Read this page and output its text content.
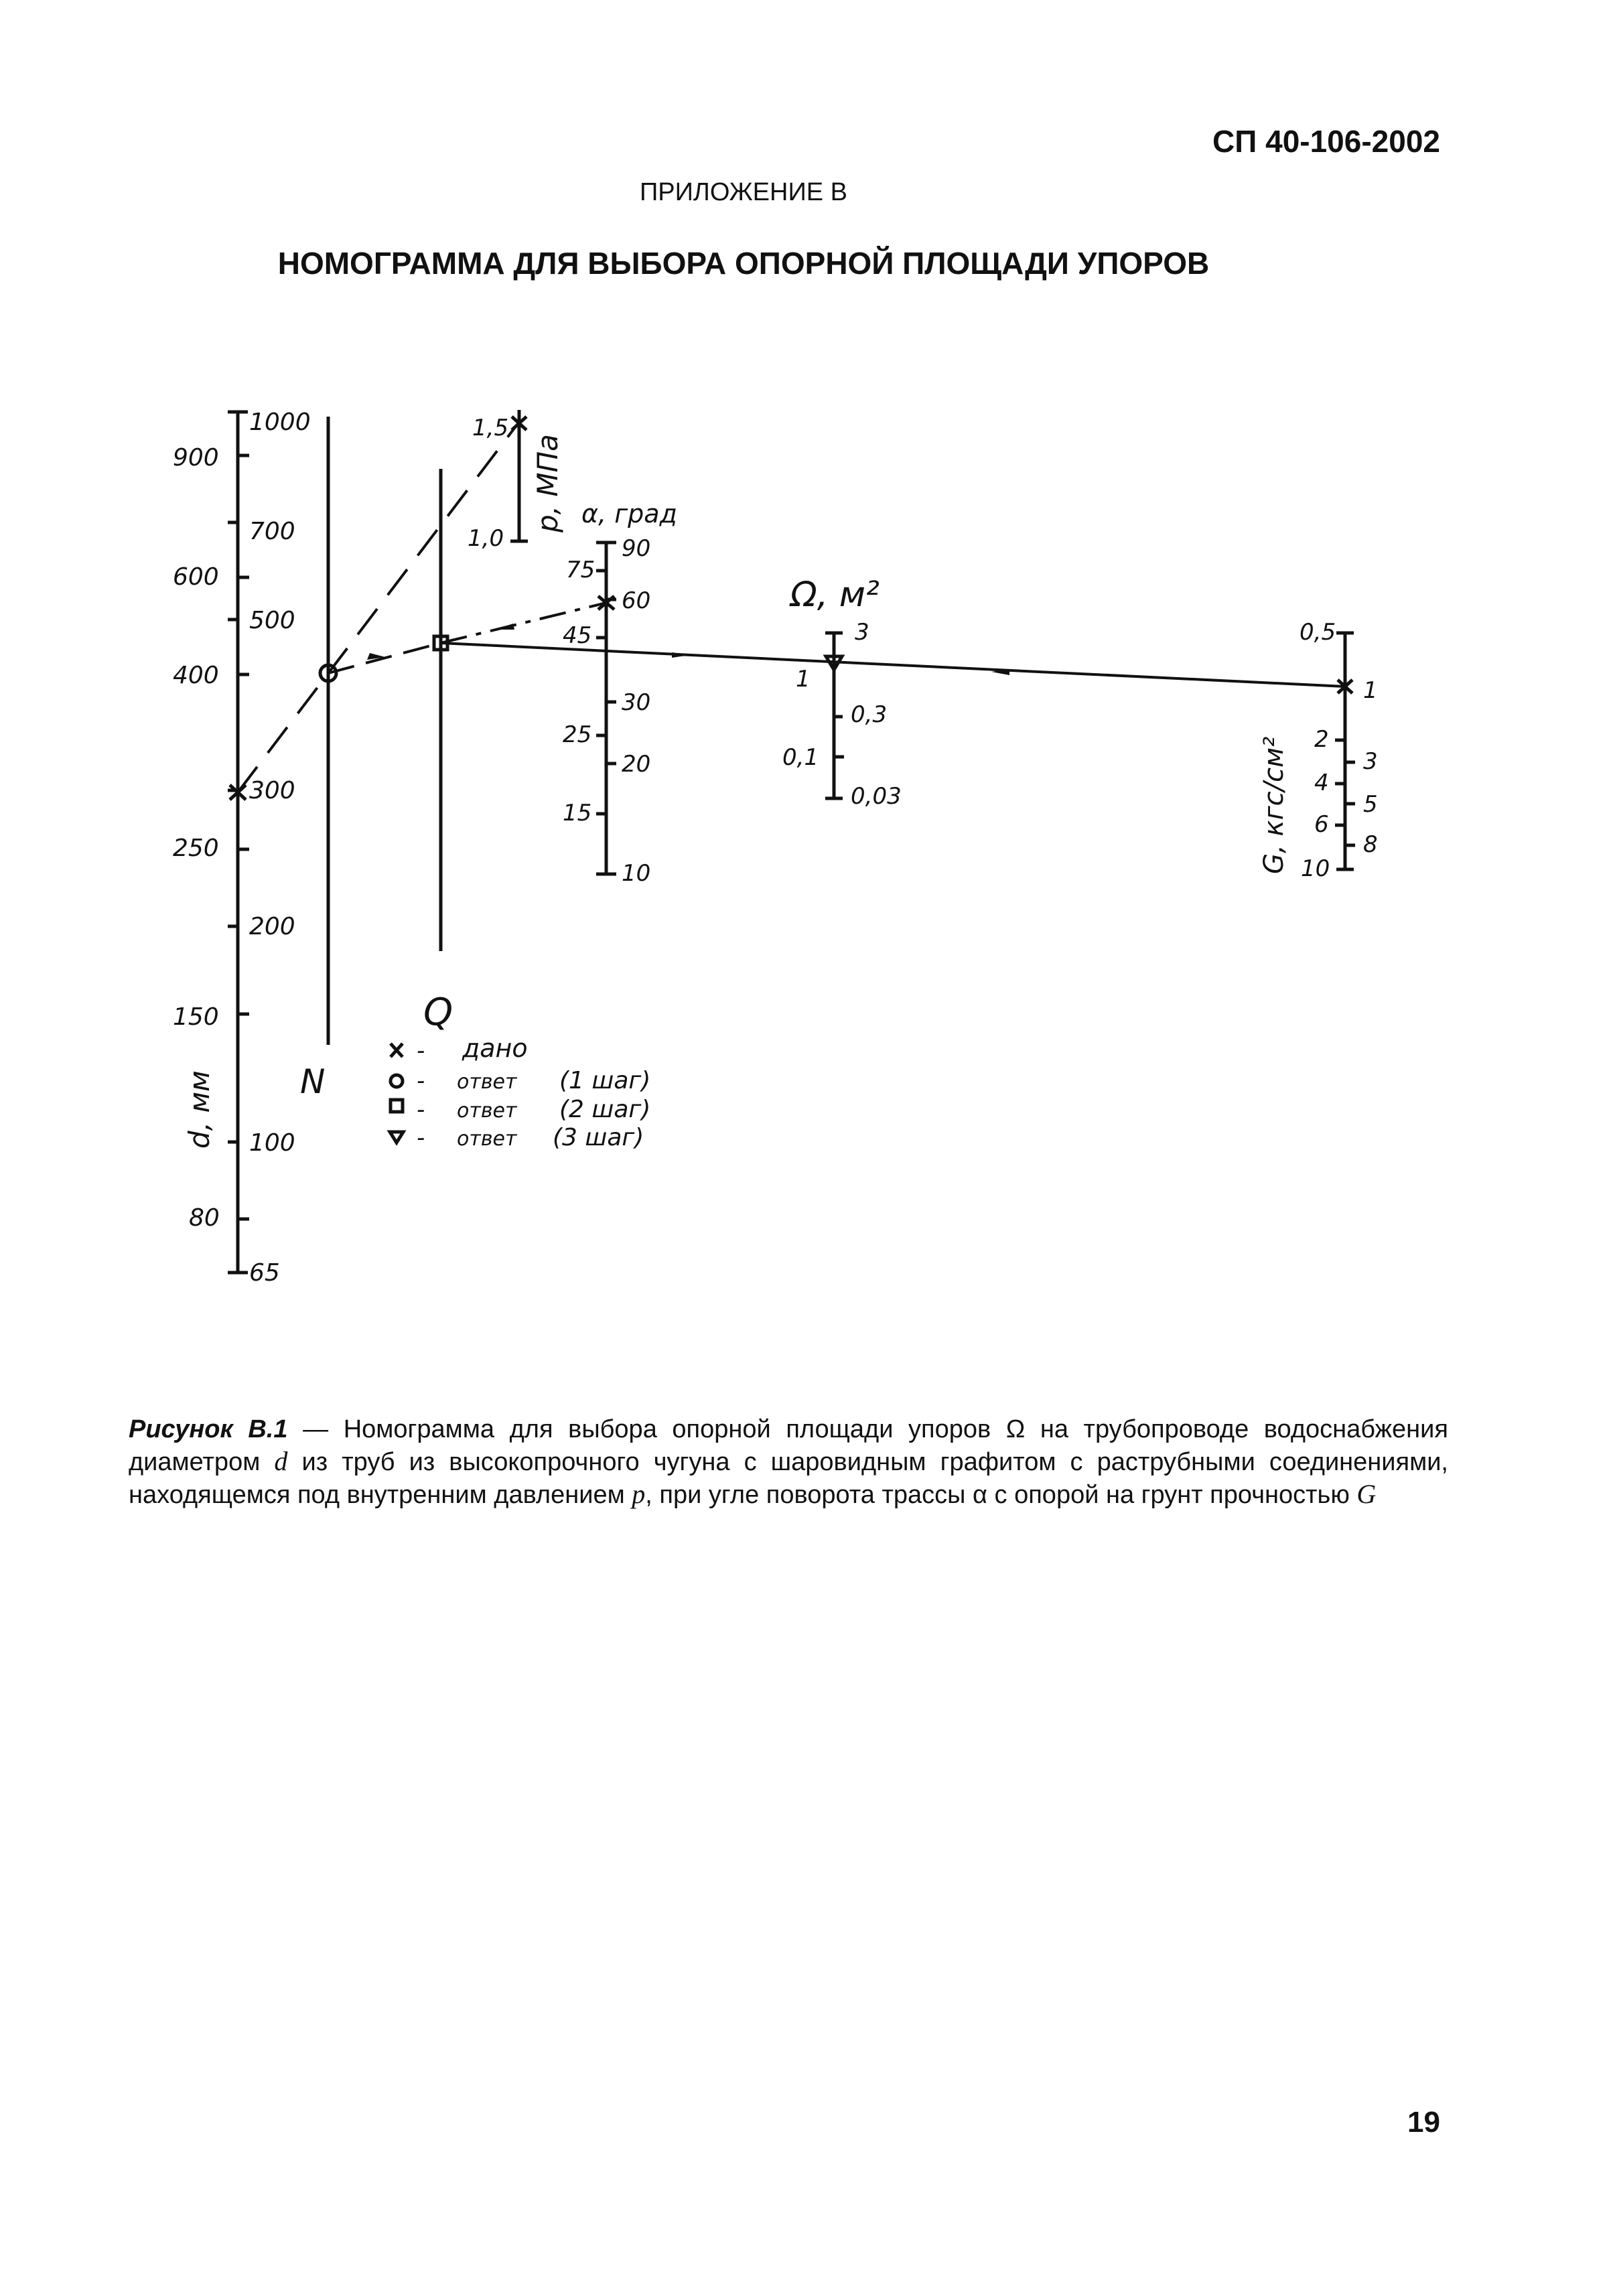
СП 40-106-2002
ПРИЛОЖЕНИЕ В
НОМОГРАММА ДЛЯ ВЫБОРА ОПОРНОЙ ПЛОЩАДИ УПОРОВ
900
600
400
250
150
80
1000
700
500
300
200
100
65
d, мм	N
Q
1,5
1,0
p, МПа α, град
75
45
25
15
90
60
30
20
10
Ω, м²
1
0,1
3
0,3
0,03	G, кгс/см²
0,5
2
4
6
10
1
3
5
8
- дано
- ответ (1 шаг)
- ответ (2 шаг)
- ответ (3 шаг)
Рисунок В.1 — Номограмма для выбора опорной площади упоров Ω на трубопроводе водоснабжения диаметром d из труб из высокопрочного чугуна с шаровидным графитом с раструбными соединениями, находящемся под внутренним давлением p, при угле поворота трассы α с опорой на грунт прочностью G
19
